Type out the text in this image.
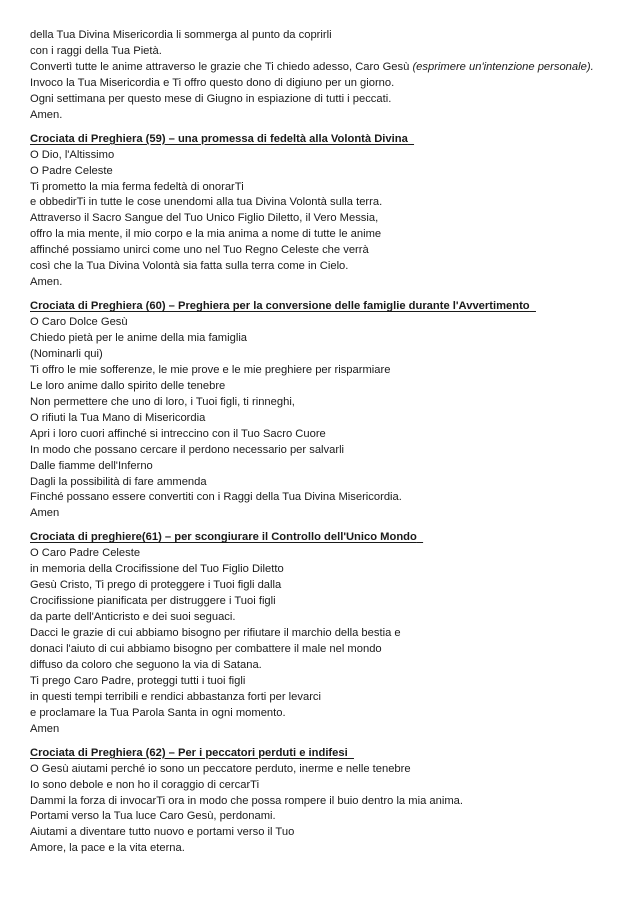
della Tua Divina Misericordia li sommerga al punto da coprirli
con i raggi della Tua Pietà.
Convertì tutte le anime attraverso le grazie che Ti chiedo adesso, Caro Gesù (esprimere un'intenzione personale).
Invoco la Tua Misericordia e Ti offro questo dono di digiuno per un giorno.
Ogni settimana per questo mese di Giugno in espiazione di tutti i peccati.
Amen.
Crociata di Preghiera (59) – una promessa di fedeltà alla Volontà Divina
O Dio, l'Altissimo
O Padre Celeste
Ti prometto la mia ferma fedeltà di onorarTi
e obbedirTi in tutte le cose unendomi alla tua Divina Volontà sulla terra.
Attraverso il Sacro Sangue del Tuo Unico Figlio Diletto, il Vero Messia,
offro la mia mente, il mio corpo e la mia anima a nome di tutte le anime
affinché possiamo unirci come uno nel Tuo Regno Celeste che verrà
così che la Tua Divina Volontà sia fatta sulla terra come in Cielo.
Amen.
Crociata di Preghiera (60) – Preghiera per la conversione delle famiglie durante l'Avvertimento
O Caro Dolce Gesù
Chiedo pietà per le anime della mia famiglia
(Nominarli qui)
Ti offro le mie sofferenze, le mie prove e le mie preghiere per risparmiare
Le loro anime dallo spirito delle tenebre
Non permettere che uno di loro, i Tuoi figli, ti rinneghi,
O rifiuti la Tua Mano di Misericordia
Apri i loro cuori affinché si intreccino con il Tuo Sacro Cuore
In modo che possano cercare il perdono necessario per salvarli
Dalle fiamme dell'Inferno
Dagli la possibilità di fare ammenda
Finché possano essere convertiti con i Raggi della Tua Divina Misericordia.
Amen
Crociata di preghiere(61) – per scongiurare il Controllo dell'Unico Mondo
O Caro Padre Celeste
in memoria della Crocifissione del Tuo Figlio Diletto
Gesù Cristo, Ti prego di proteggere i Tuoi figli dalla
Crocifissione pianificata per distruggere i Tuoi figli
da parte dell'Anticristo e dei suoi seguaci.
Dacci le grazie di cui abbiamo bisogno per rifiutare il marchio della bestia e
donaci l'aiuto di cui abbiamo bisogno per combattere il male nel mondo
diffuso da coloro che seguono la via di Satana.
Ti prego Caro Padre, proteggi tutti i tuoi figli
in questi tempi terribili e rendici abbastanza forti per levarci
e proclamare la Tua Parola Santa in ogni momento.
Amen
Crociata di Preghiera (62) – Per i peccatori perduti e indifesi
O Gesù aiutami perché io sono un peccatore perduto, inerme e nelle tenebre
Io sono debole e non ho il coraggio di cercarTi
Dammi la forza di invocarTi ora in modo che possa rompere il buio dentro la mia anima.
Portami verso la Tua luce Caro Gesù, perdonami.
Aiutami a diventare tutto nuovo e portami verso il Tuo
Amore, la pace e la vita eterna.
